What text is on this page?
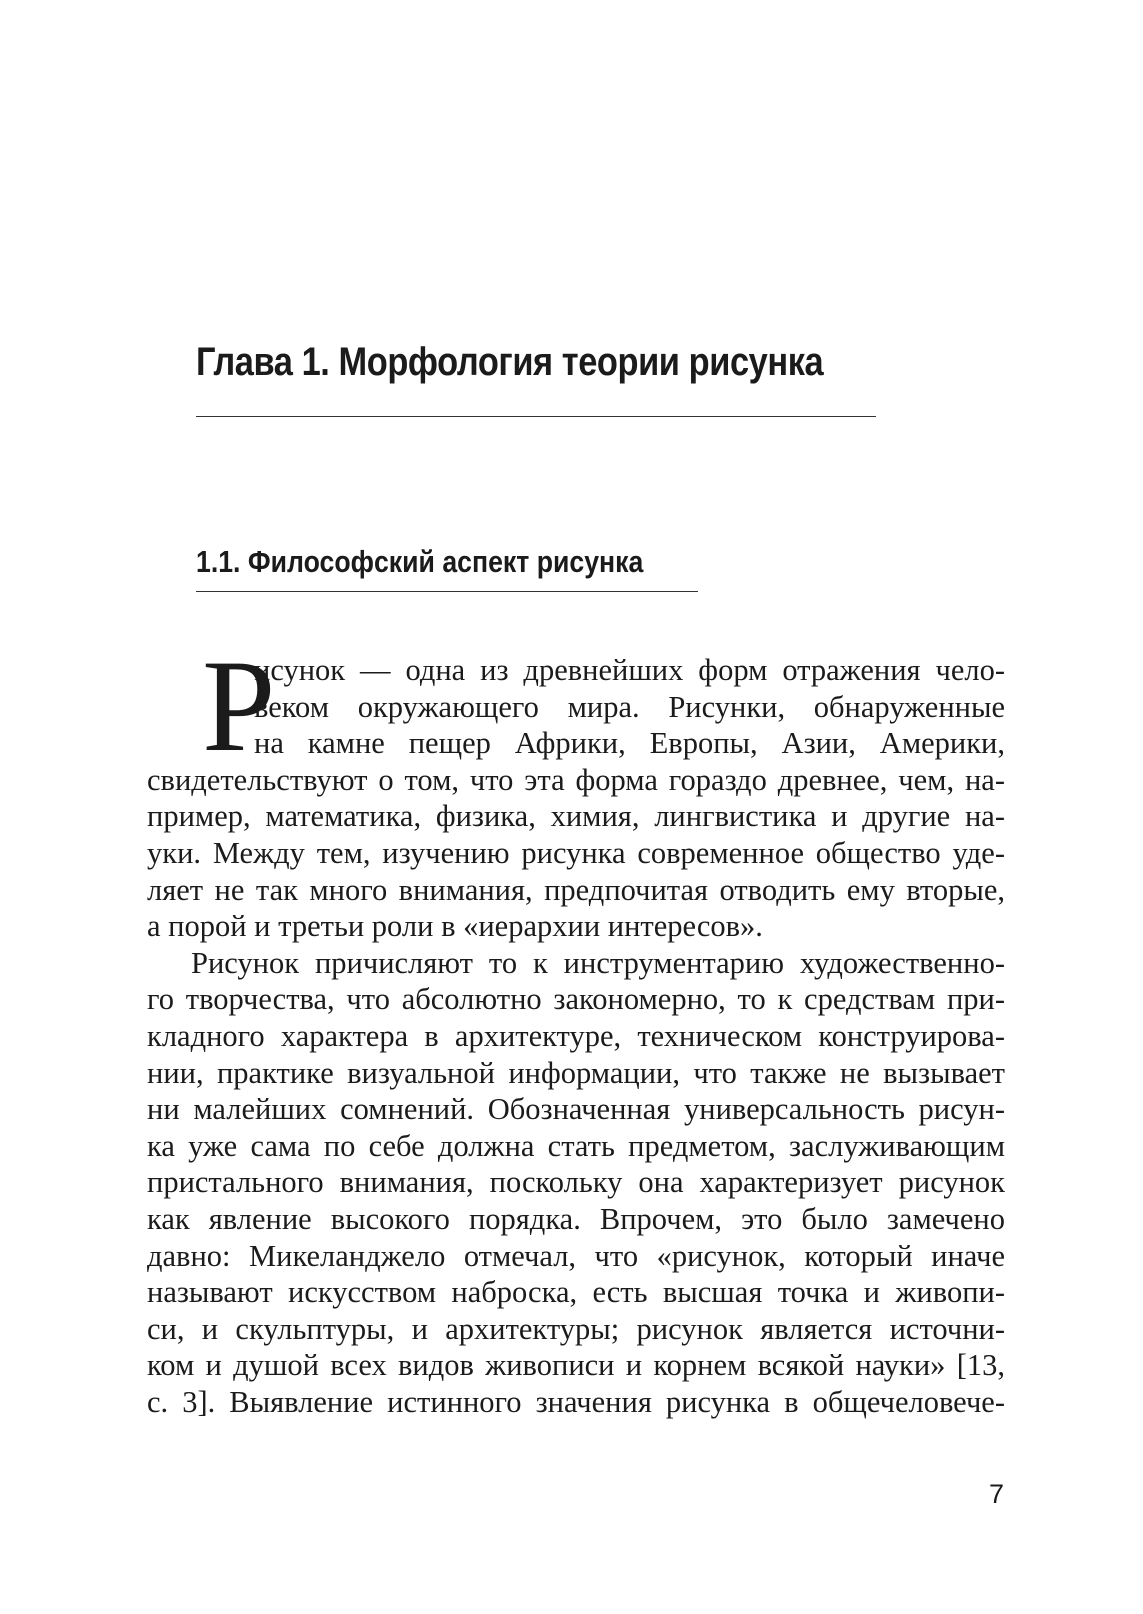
Глава 1. Морфология теории рисунка
1.1. Философский аспект рисунка
Р
исунок — одна из древнейших форм отражения чело-
веком окружающего мира. Рисунки, обнаруженные
на камне пещер Африки, Европы, Азии, Америки,
свидетельствуют о том, что эта форма гораздо древнее, чем, на-
пример, математика, физика, химия, лингвистика и другие на-
уки. Между тем, изучению рисунка современное общество уде-
ляет не так много внимания, предпочитая отводить ему вторые,
а порой и третьи роли в «иерархии интересов».
Рисунок причисляют то к инструментарию художественно-
го творчества, что абсолютно закономерно, то к средствам при-
кладного характера в архитектуре, техническом конструирова-
нии, практике визуальной информации, что также не вызывает
ни малейших сомнений. Обозначенная универсальность рисун-
ка уже сама по себе должна стать предметом, заслуживающим
пристального внимания, поскольку она характеризует рисунок
как явление высокого порядка. Впрочем, это было замечено
давно: Микеланджело отмечал, что «рисунок, который иначе
называют искусством наброска, есть высшая точка и живопи-
си, и скульптуры, и архитектуры; рисунок является источни-
ком и душой всех видов живописи и корнем всякой науки» [13,
с. 3]. Выявление истинного значения рисунка в общечеловече-
7
